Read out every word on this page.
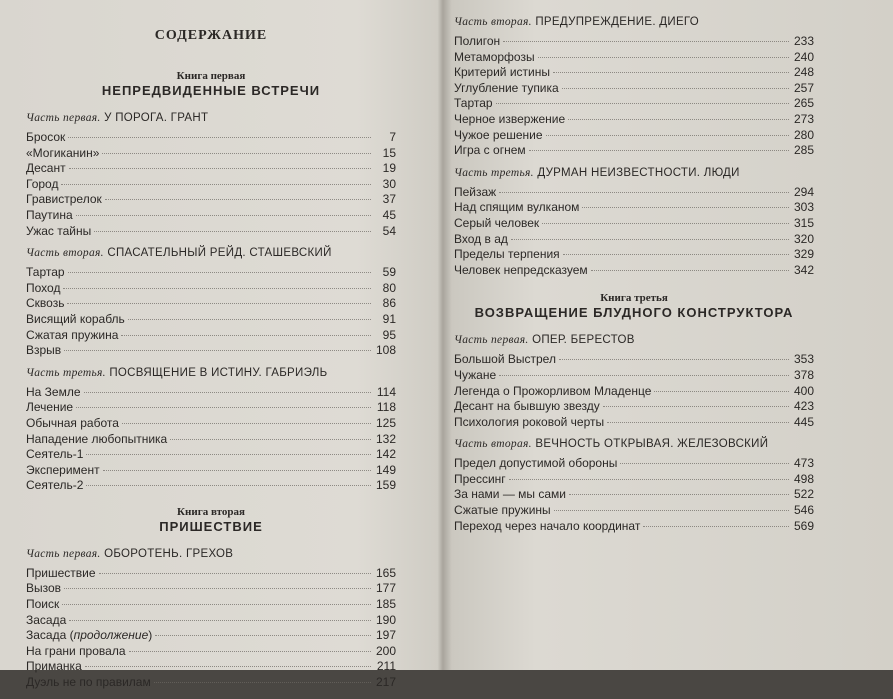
СОДЕРЖАНИЕ
Книга первая
НЕПРЕДВИДЕННЫЕ ВСТРЕЧИ
Часть первая. У ПОРОГА. ГРАНТ
Бросок	7
«Могиканин»	15
Десант	19
Город	30
Гравистрелок	37
Паутина	45
Ужас тайны	54
Часть вторая. СПАСАТЕЛЬНЫЙ РЕЙД. СТАШЕВСКИЙ
Тартар	59
Поход	80
Сквозь	86
Висящий корабль	91
Сжатая пружина	95
Взрыв	108
Часть третья. ПОСВЯЩЕНИЕ В ИСТИНУ. ГАБРИЭЛЬ
На Земле	114
Лечение	118
Обычная работа	125
Нападение любопытника	132
Сеятель-1	142
Эксперимент	149
Сеятель-2	159
Книга вторая
ПРИШЕСТВИЕ
Часть первая. ОБОРОТЕНЬ. ГРЕХОВ
Пришествие	165
Вызов	177
Поиск	185
Засада	190
Засада (продолжение)	197
На грани провала	200
Приманка	211
Дуэль не по правилам	217
Часть вторая. ПРЕДУПРЕЖДЕНИЕ. ДИЕГО
Полигон	233
Метаморфозы	240
Критерий истины	248
Углубление тупика	257
Тартар	265
Черное извержение	273
Чужое решение	280
Игра с огнем	285
Часть третья. ДУРМАН НЕИЗВЕСТНОСТИ. ЛЮДИ
Пейзаж	294
Над спящим вулканом	303
Серый человек	315
Вход в ад	320
Пределы терпения	329
Человек непредсказуем	342
Книга третья
ВОЗВРАЩЕНИЕ БЛУДНОГО КОНСТРУКТОРА
Часть первая. ОПЕР. БЕРЕСТОВ
Большой Выстрел	353
Чужане	378
Легенда о Прожорливом Младенце	400
Десант на бывшую звезду	423
Психология роковой черты	445
Часть вторая. ВЕЧНОСТЬ ОТКРЫВАЯ. ЖЕЛЕЗОВСКИЙ
Предел допустимой обороны	473
Прессинг	498
За нами — мы сами	522
Сжатые пружины	546
Переход через начало координат	569
